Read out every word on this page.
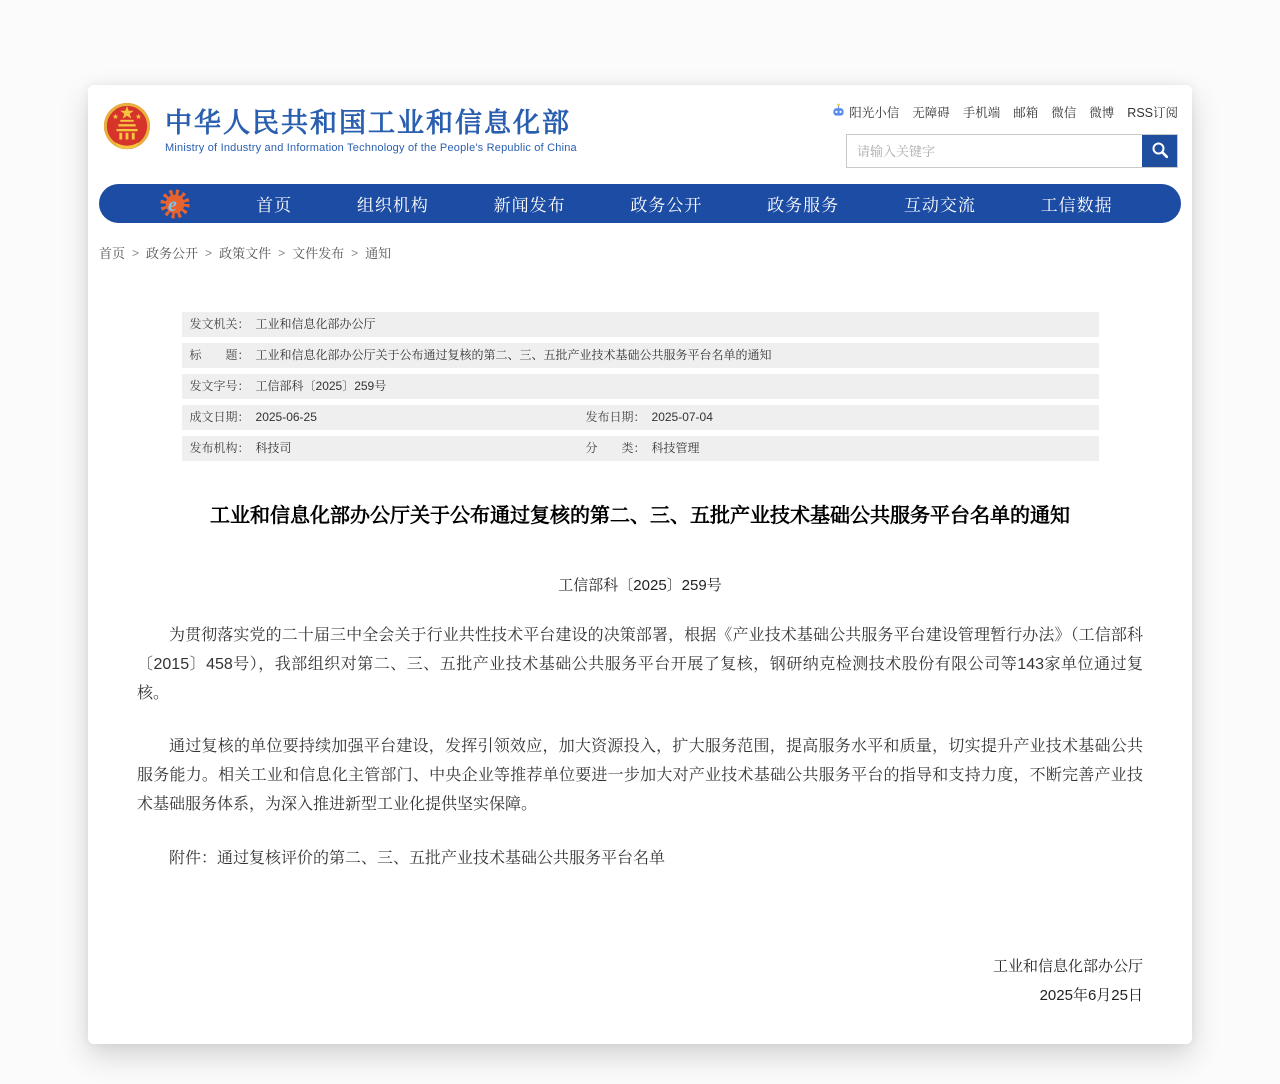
中华人民共和国工业和信息化部
Ministry of Industry and Information Technology of the People's Republic of China
阳光小信 无障碍 手机端 邮箱 微信 微博 RSS订阅
请输入关键字
e	首页	组织机构	新闻发布	政务公开	政务服务	互动交流	工信数据
首页 > 政务公开 > 政策文件 > 文件发布 > 通知
发文机关： 工业和信息化部办公厅
标　　题： 工业和信息化部办公厅关于公布通过复核的第二、三、五批产业技术基础公共服务平台名单的通知
发文字号： 工信部科〔2025〕259号
成文日期： 2025-06-25	发布日期： 2025-07-04
发布机构： 科技司	分　　类： 科技管理
工业和信息化部办公厅关于公布通过复核的第二、三、五批产业技术基础公共服务平台名单的通知
工信部科〔2025〕259号

为贯彻落实党的二十届三中全会关于行业共性技术平台建设的决策部署，根据《产业技术基础公共服务平台建设管理暂行办法》（工信部科〔2015〕458号），我部组织对第二、三、五批产业技术基础公共服务平台开展了复核，钢研纳克检测技术股份有限公司等143家单位通过复核。

通过复核的单位要持续加强平台建设，发挥引领效应，加大资源投入，扩大服务范围，提高服务水平和质量，切实提升产业技术基础公共服务能力。相关工业和信息化主管部门、中央企业等推荐单位要进一步加大对产业技术基础公共服务平台的指导和支持力度，不断完善产业技术基础服务体系，为深入推进新型工业化提供坚实保障。

附件：通过复核评价的第二、三、五批产业技术基础公共服务平台名单

工业和信息化部办公厅
2025年6月25日
